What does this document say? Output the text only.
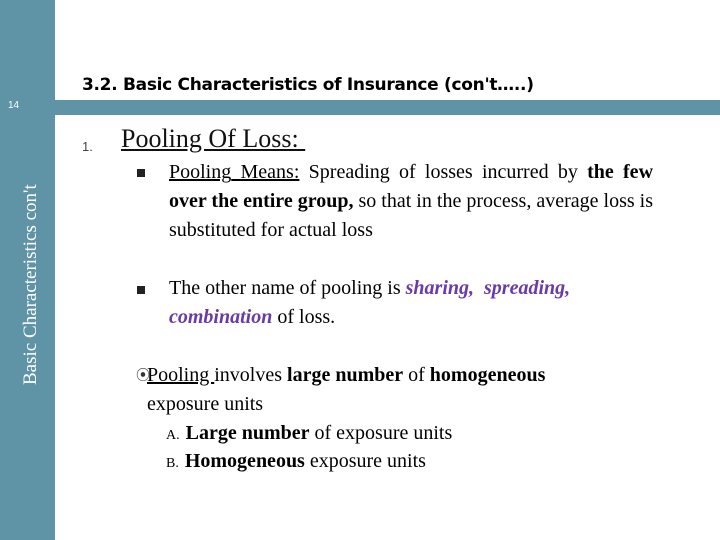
Basic Characteristics con't
14
3.2. Basic Characteristics of Insurance (con't…..)
1. Pooling Of Loss:
Pooling Means: Spreading of losses incurred by the few over the entire group, so that in the process, average loss is substituted for actual loss
The other name of pooling is sharing, spreading,
combination of loss.
⦿
Pooling involves large number of homogeneous
exposure units
A. Large number of exposure units
B. Homogeneous exposure units
